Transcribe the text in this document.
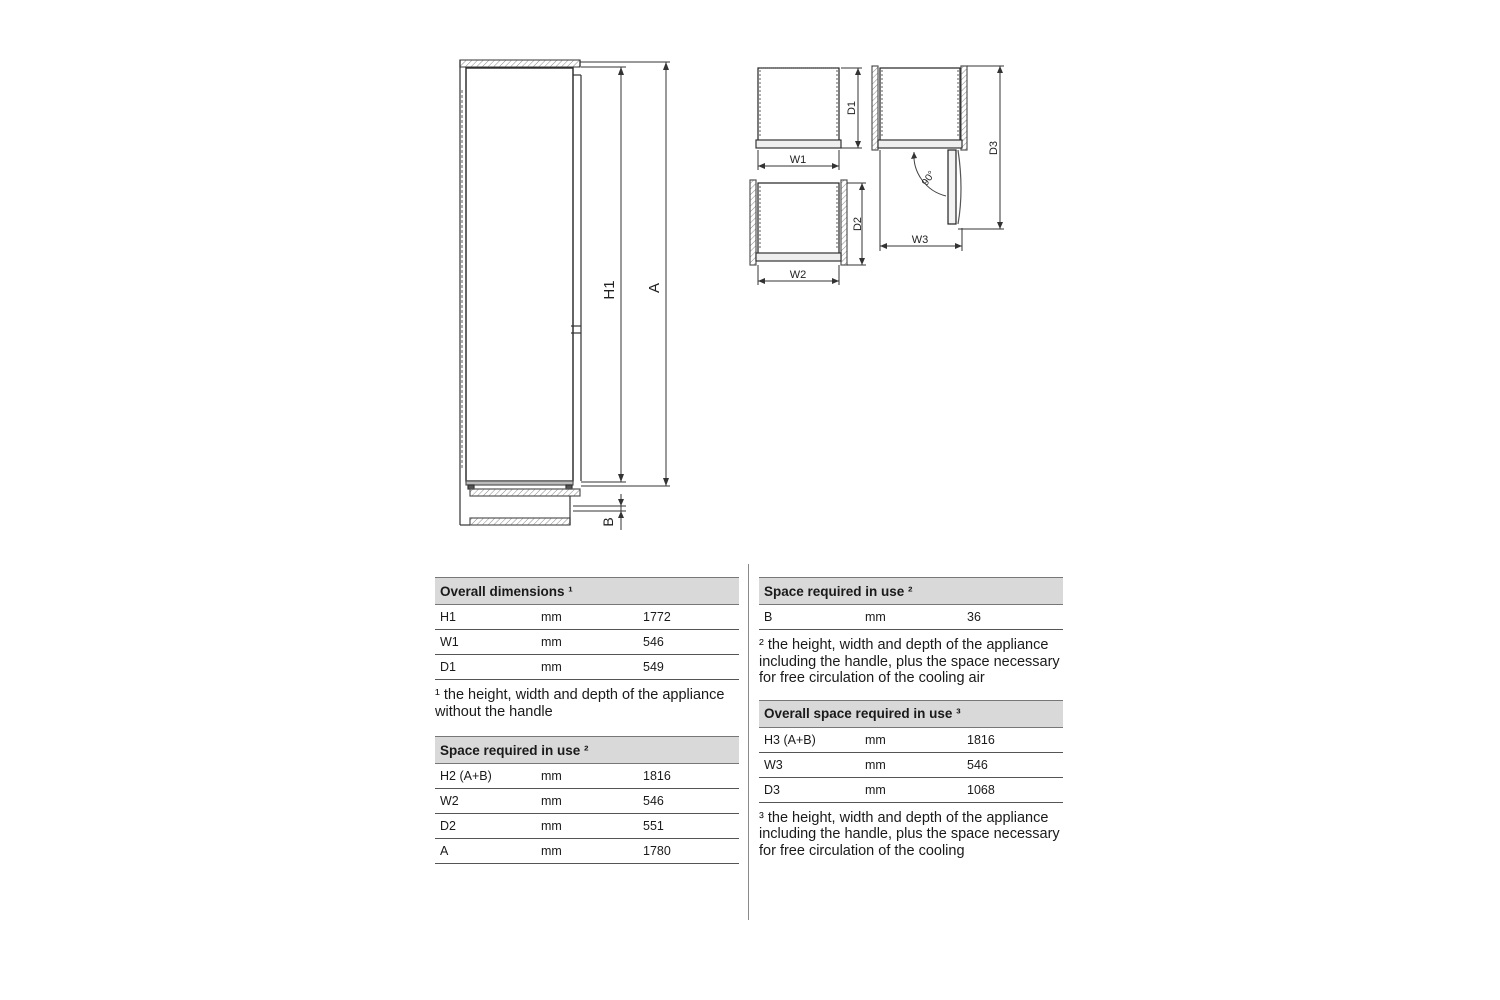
H1 A
B
W1
D1
W2
D2
W3
D3
90°
Overall dimensions ¹		
H1	mm	1772
W1	mm	546
D1	mm	549

¹ the height, width and depth of the appliance without the handle

Space required in use ²		
H2 (A+B)	mm	1816
W2	mm	546
D2	mm	551
A	mm	1780
Space required in use ²
B	mm	36

² the height, width and depth of the appliance including the handle, plus the space necessary for free circulation of the cooling air

Overall space required in use ³		
H3 (A+B)	mm	1816
W3	mm	546
D3	mm	1068

³ the height, width and depth of the appliance including the handle, plus the space necessary for free circulation of the cooling
